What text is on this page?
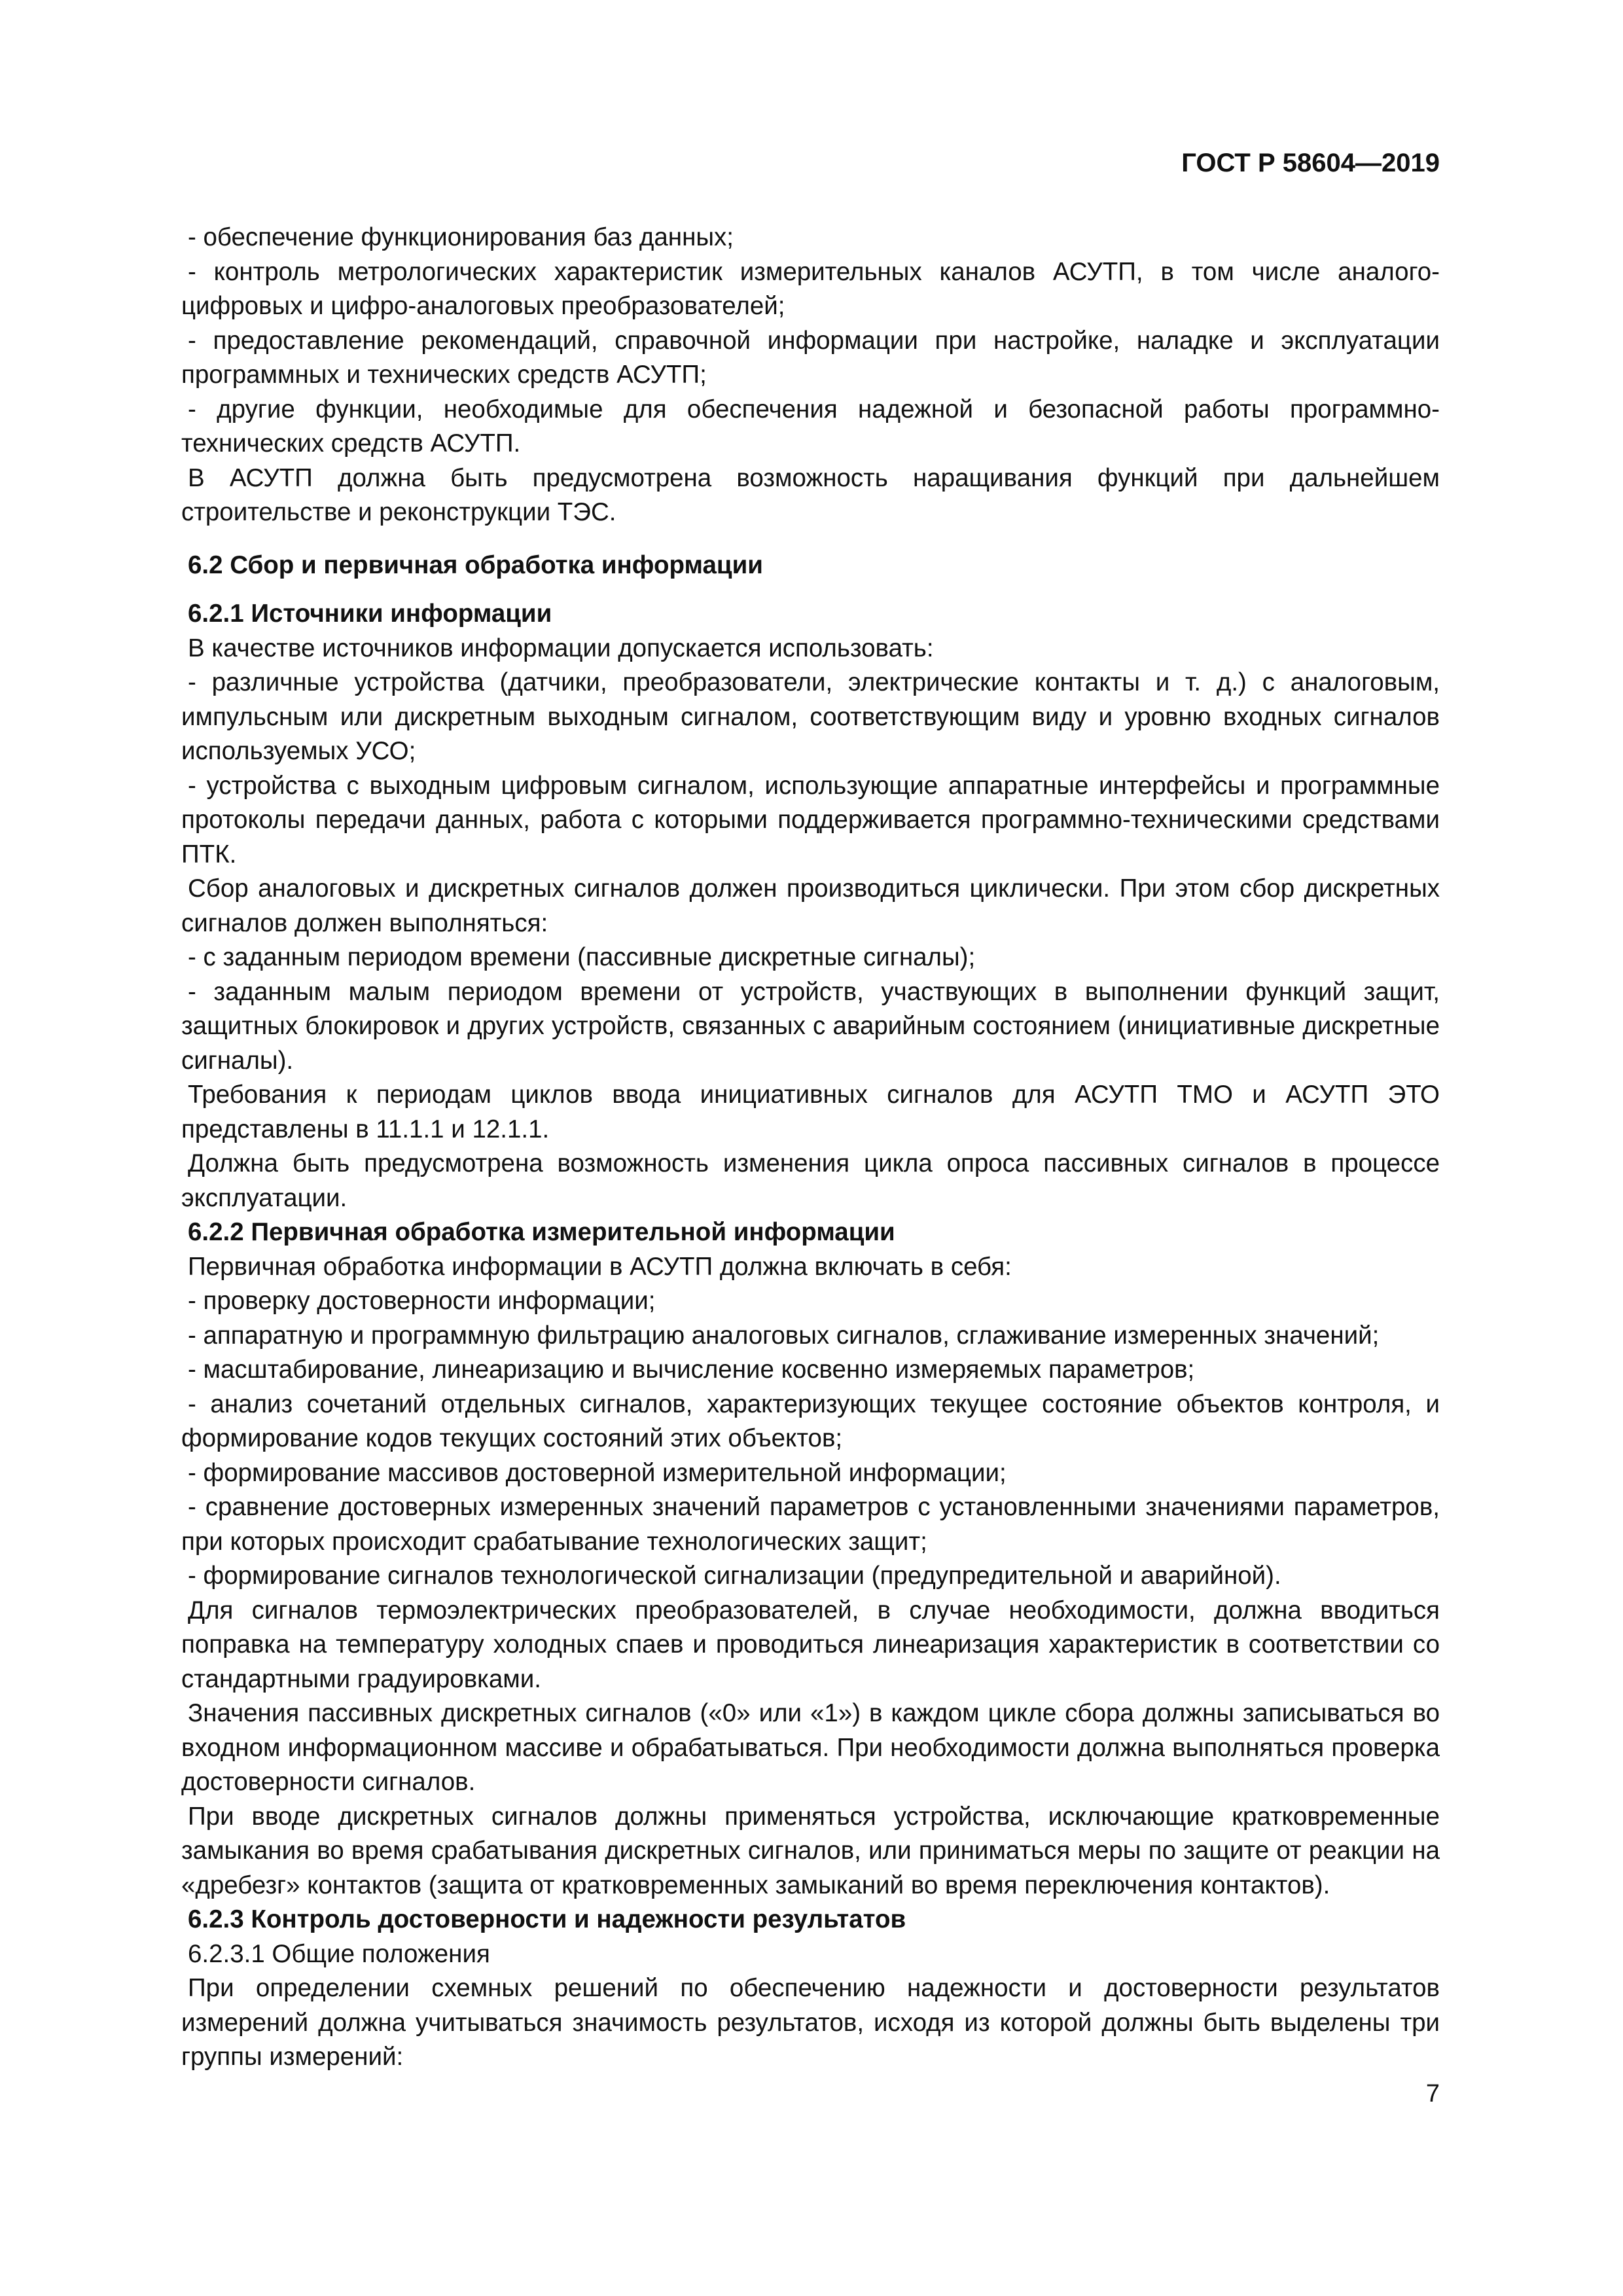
ГОСТ Р 58604—2019

- обеспечение функционирования баз данных;

- контроль метрологических характеристик измерительных каналов АСУТП, в том числе аналого-цифровых и цифро-аналоговых преобразователей;

- предоставление рекомендаций, справочной информации при настройке, наладке и эксплуатации программных и технических средств АСУТП;

- другие функции, необходимые для обеспечения надежной и безопасной работы программно-технических средств АСУТП.

В АСУТП должна быть предусмотрена возможность наращивания функций при дальнейшем строительстве и реконструкции ТЭС.

6.2 Сбор и первичная обработка информации
6.2.1 Источники информации

В качестве источников информации допускается использовать:

- различные устройства (датчики, преобразователи, электрические контакты и т. д.) с аналоговым, импульсным или дискретным выходным сигналом, соответствующим виду и уровню входных сигналов используемых УСО;

- устройства с выходным цифровым сигналом, использующие аппаратные интерфейсы и программные протоколы передачи данных, работа с которыми поддерживается программно-техническими средствами ПТК.

Сбор аналоговых и дискретных сигналов должен производиться циклически. При этом сбор дискретных сигналов должен выполняться:

- с заданным периодом времени (пассивные дискретные сигналы);

- заданным малым периодом времени от устройств, участвующих в выполнении функций защит, защитных блокировок и других устройств, связанных с аварийным состоянием (инициативные дискретные сигналы).

Требования к периодам циклов ввода инициативных сигналов для АСУТП ТМО и АСУТП ЭТО представлены в 11.1.1 и 12.1.1.

Должна быть предусмотрена возможность изменения цикла опроса пассивных сигналов в процессе эксплуатации.

6.2.2 Первичная обработка измерительной информации

Первичная обработка информации в АСУТП должна включать в себя:

- проверку достоверности информации;

- аппаратную и программную фильтрацию аналоговых сигналов, сглаживание измеренных значений;

- масштабирование, линеаризацию и вычисление косвенно измеряемых параметров;

- анализ сочетаний отдельных сигналов, характеризующих текущее состояние объектов контроля, и формирование кодов текущих состояний этих объектов;

- формирование массивов достоверной измерительной информации;

- сравнение достоверных измеренных значений параметров с установленными значениями параметров, при которых происходит срабатывание технологических защит;

- формирование сигналов технологической сигнализации (предупредительной и аварийной).

Для сигналов термоэлектрических преобразователей, в случае необходимости, должна вводиться поправка на температуру холодных спаев и проводиться линеаризация характеристик в соответствии со стандартными градуировками.

Значения пассивных дискретных сигналов («0» или «1») в каждом цикле сбора должны записываться во входном информационном массиве и обрабатываться. При необходимости должна выполняться проверка достоверности сигналов.

При вводе дискретных сигналов должны применяться устройства, исключающие кратковременные замыкания во время срабатывания дискретных сигналов, или приниматься меры по защите от реакции на «дребезг» контактов (защита от кратковременных замыканий во время переключения контактов).

6.2.3 Контроль достоверности и надежности результатов

6.2.3.1 Общие положения

При определении схемных решений по обеспечению надежности и достоверности результатов измерений должна учитываться значимость результатов, исходя из которой должны быть выделены три группы измерений:

7
